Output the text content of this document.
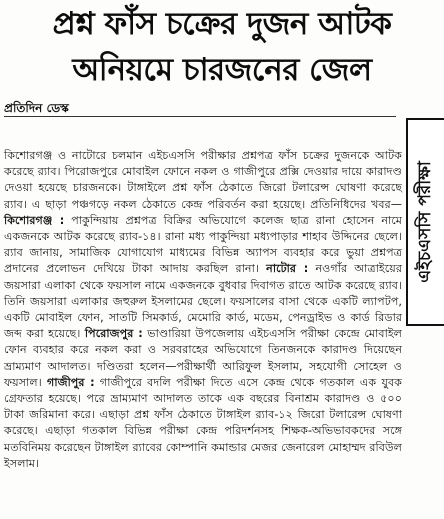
প্রশ্ন ফাঁস চক্রের দুজন আটক
অনিয়মে চারজনের জেল
প্রতিদিন ডেস্ক
এইচএসসি পরীক্ষা
কিশোরগঞ্জ ও নাটোরে চলমান এইচএসসি পরীক্ষার প্রশ্নপত্র ফাঁস চক্রের দুজনকে আটক করেছে র‍্যাব। পিরোজপুরে মোবাইল ফোনে নকল ও গাজীপুরে প্রক্সি দেওয়ার দায়ে কারাদণ্ড দেওয়া হয়েছে চারজনকে। টাঙ্গাইলে প্রশ্ন ফাঁস ঠেকাতে জিরো টলারেন্স ঘোষণা করেছে র‍্যাব। এ ছাড়া পঞ্চগড়ে নকল ঠেকাতে কেন্দ্র পরিবর্তন করা হয়েছে। প্রতিনিধিদের খবর—কিশোরগঞ্জ : পাকুন্দিয়ায় প্রশ্নপত্র বিক্রির অভিযোগে কলেজ ছাত্র রানা হোসেন নামে একজনকে আটক করেছে র‍্যাব-১৪। রানা মধ্য পাকুন্দিয়া মধ্যপাড়ার শাহাব উদ্দিনের ছেলে। র‍্যাব জানায়, সামাজিক যোগাযোগ মাধ্যমের বিভিন্ন অ্যাপস ব্যবহার করে ভুয়া প্রশ্নপত্র প্রদানের প্রলোভন দেখিয়ে টাকা আদায় করছিল রানা। নাটোর : নওগাঁর আত্রাইয়ের জয়সারা এলাকা থেকে ফয়সাল নামে একজনকে বুধবার দিবাগত রাতে আটক করেছে র‍্যাব। তিনি জয়সারা এলাকার জহুরুল ইসলামের ছেলে। ফয়সালের বাসা থেকে একটি ল্যাপটপ, একটি মোবাইল ফোন, সাতটি সিমকার্ড, মেমোরি কার্ড, মডেম, পেনড্রাইভ ও কার্ড রিডার জব্দ করা হয়েছে। পিরোজপুর : ভাণ্ডারিয়া উপজেলায় এইচএসসি পরীক্ষা কেন্দ্রে মোবাইল ফোন ব্যবহার করে নকল করা ও সরবরাহের অভিযোগে তিনজনকে কারাদণ্ড দিয়েছেন ভ্রাম্যমাণ আদালত। দণ্ডিতরা হলেন—পরীক্ষার্থী আরিফুল ইসলাম, সহযোগী সোহেল ও ফয়সাল। গাজীপুর : গাজীপুরে বদলি পরীক্ষা দিতে এসে কেন্দ্র থেকে গতকাল এক যুবক গ্রেফতার হয়েছে। পরে ভ্রাম্যমাণ আদালত তাকে এক বছরের বিনাশ্রম কারাদণ্ড ও ৫০০ টাকা জরিমানা করে। এছাড়া প্রশ্ন ফাঁস ঠেকাতে টাঙ্গাইল র‍্যাব-১২ জিরো টলারেন্স ঘোষণা করেছে। এছাড়া গতকাল বিভিন্ন পরীক্ষা কেন্দ্র পরিদর্শনসহ শিক্ষক-অভিভাবকদের সঙ্গে মতবিনিময় করেছেন টাঙ্গাইল র‍্যাবের কোম্পানি কমান্ডার মেজর জেনারেল মোহাম্মদ রবিউল ইসলাম।
